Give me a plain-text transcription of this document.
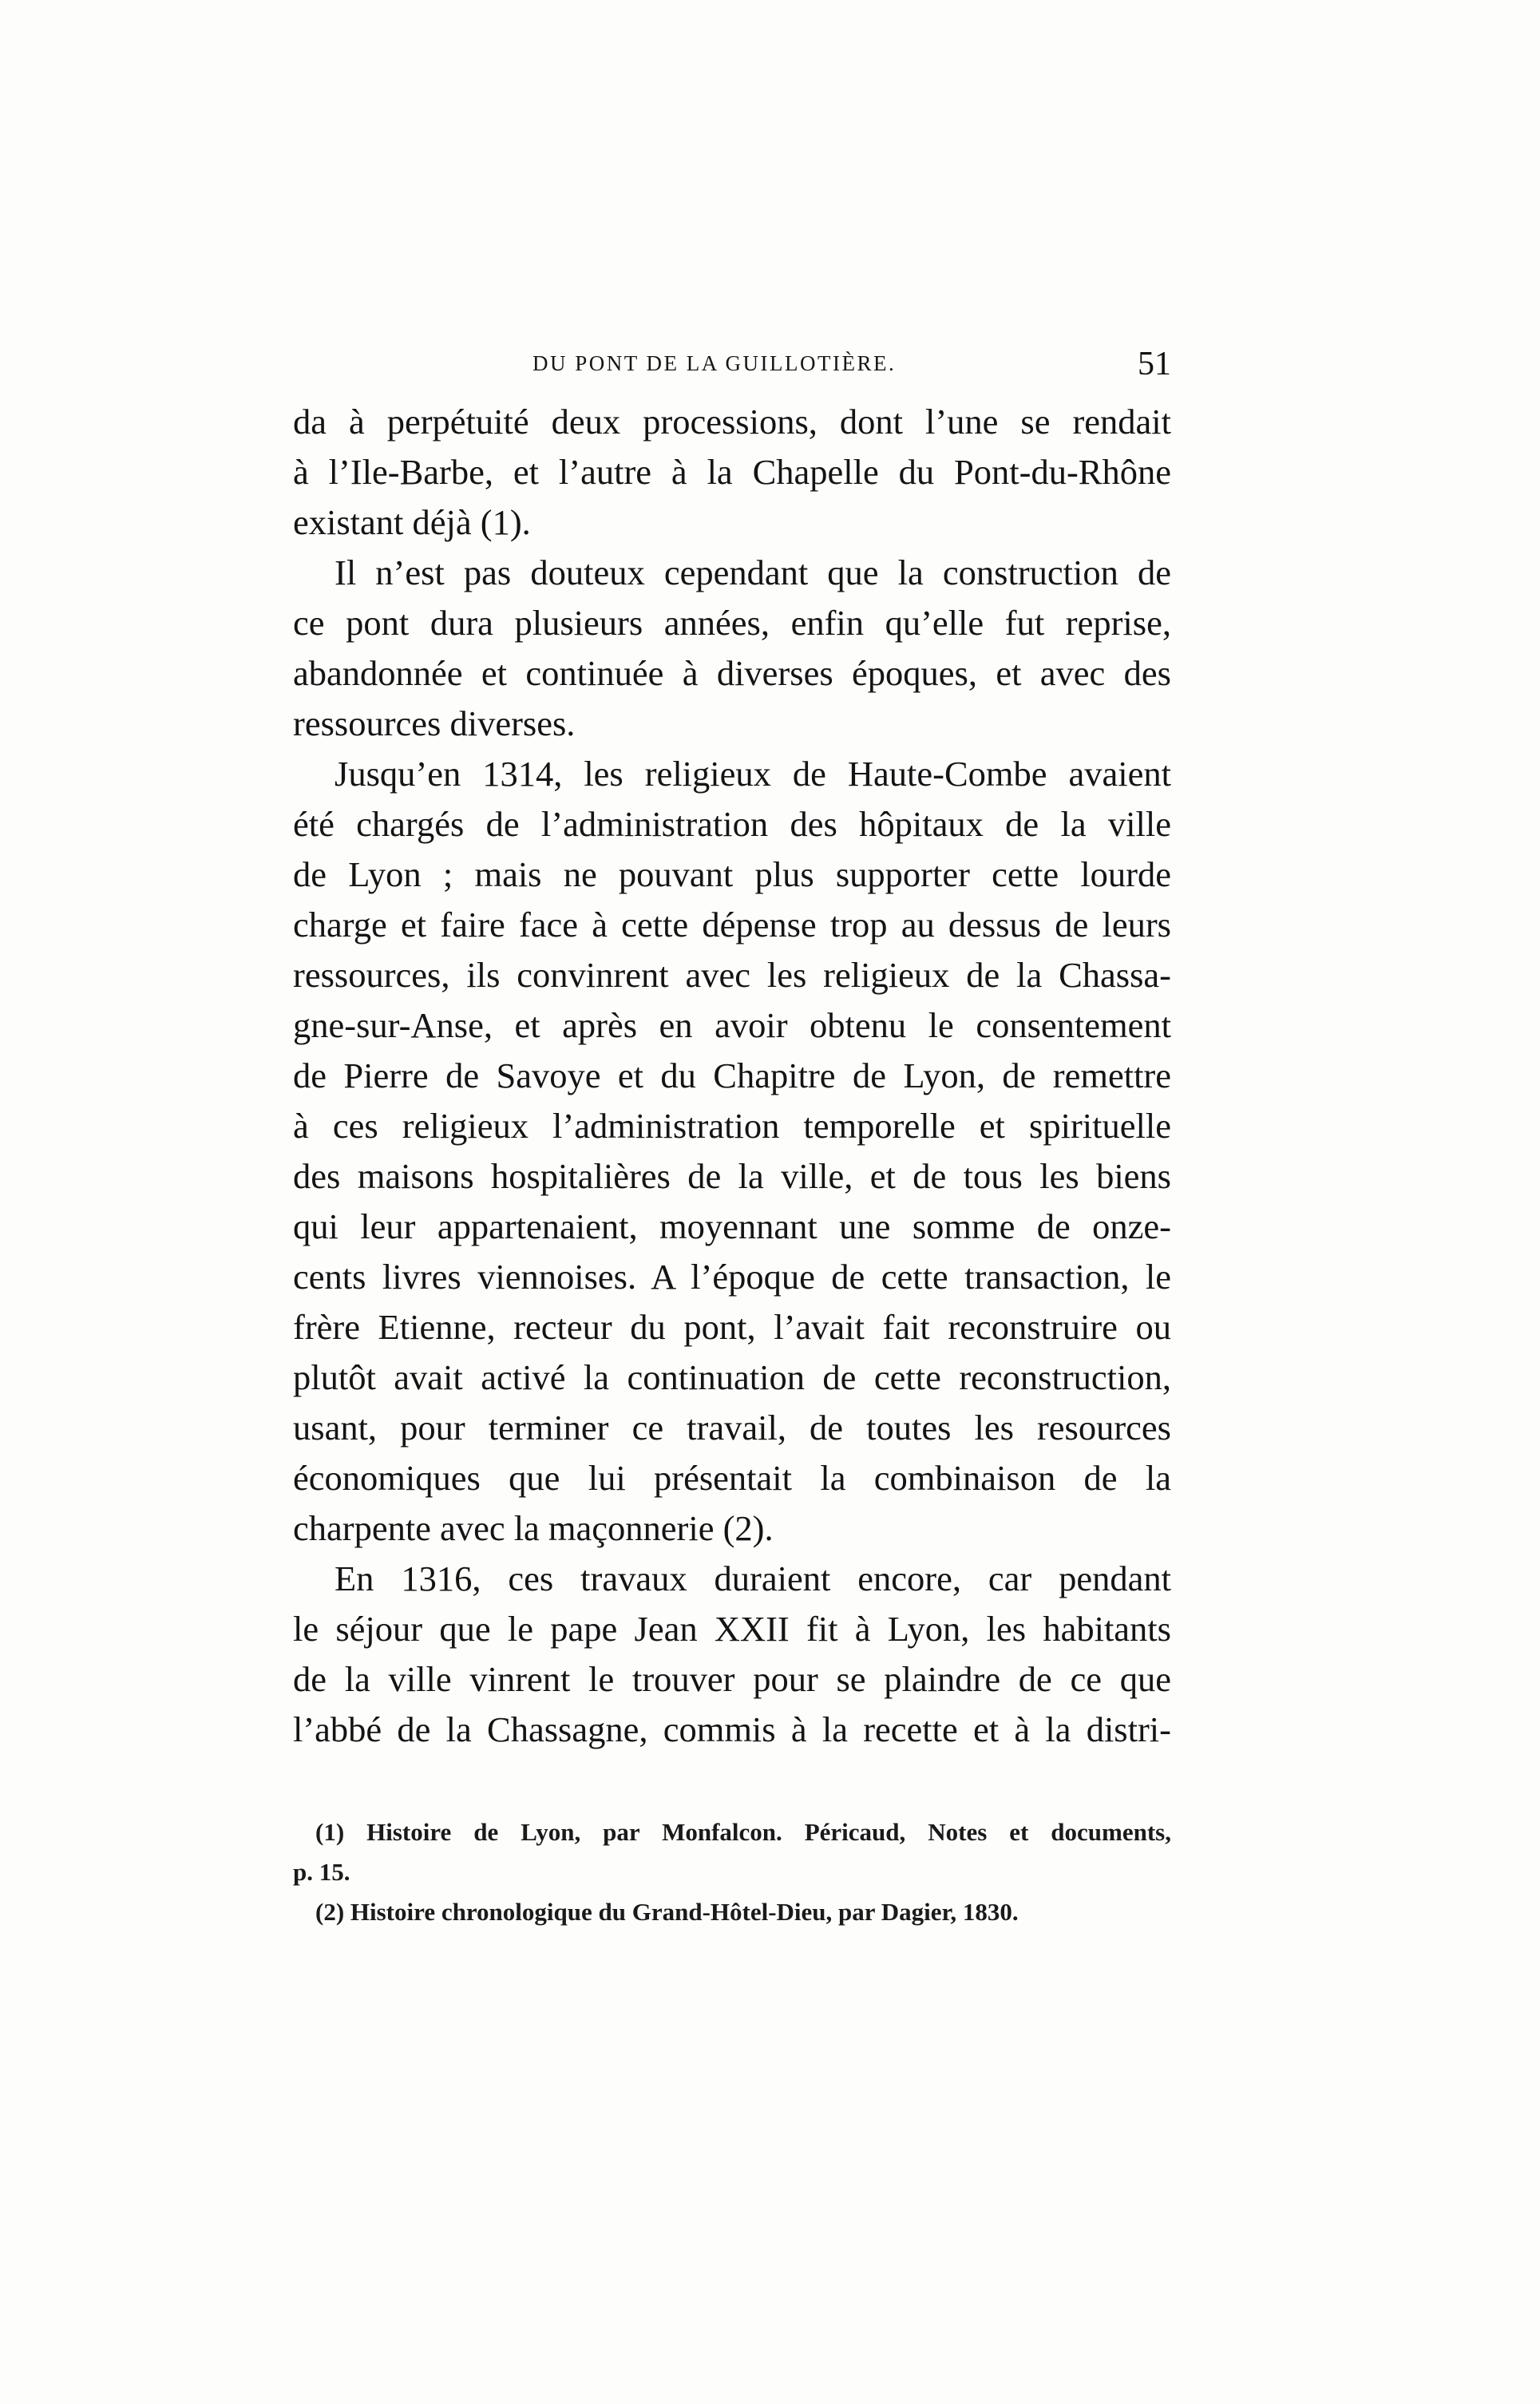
DU PONT DE LA GUILLOTIÈRE.	51
da à perpétuité deux processions, dont l’une se rendait
à l’Ile-Barbe, et l’autre à la Chapelle du Pont-du-Rhône
existant déjà (1).
Il n’est pas douteux cependant que la construction de
ce pont dura plusieurs années, enfin qu’elle fut reprise,
abandonnée et continuée à diverses époques, et avec des
ressources diverses.
Jusqu’en 1314, les religieux de Haute-Combe avaient
été chargés de l’administration des hôpitaux de la ville
de Lyon ; mais ne pouvant plus supporter cette lourde
charge et faire face à cette dépense trop au dessus de leurs
ressources, ils convinrent avec les religieux de la Chassa-
gne-sur-Anse, et après en avoir obtenu le consentement
de Pierre de Savoye et du Chapitre de Lyon, de remettre
à ces religieux l’administration temporelle et spirituelle
des maisons hospitalières de la ville, et de tous les biens
qui leur appartenaient, moyennant une somme de onze-
cents livres viennoises. A l’époque de cette transaction, le
frère Etienne, recteur du pont, l’avait fait reconstruire ou
plutôt avait activé la continuation de cette reconstruction,
usant, pour terminer ce travail, de toutes les resources
économiques que lui présentait la combinaison de la
charpente avec la maçonnerie (2).
En 1316, ces travaux duraient encore, car pendant
le séjour que le pape Jean XXII fit à Lyon, les habitants
de la ville vinrent le trouver pour se plaindre de ce que
l’abbé de la Chassagne, commis à la recette et à la distri-
(1) Histoire de Lyon, par Monfalcon. Péricaud, Notes et documents,
p. 15.
(2) Histoire chronologique du Grand-Hôtel-Dieu, par Dagier, 1830.
